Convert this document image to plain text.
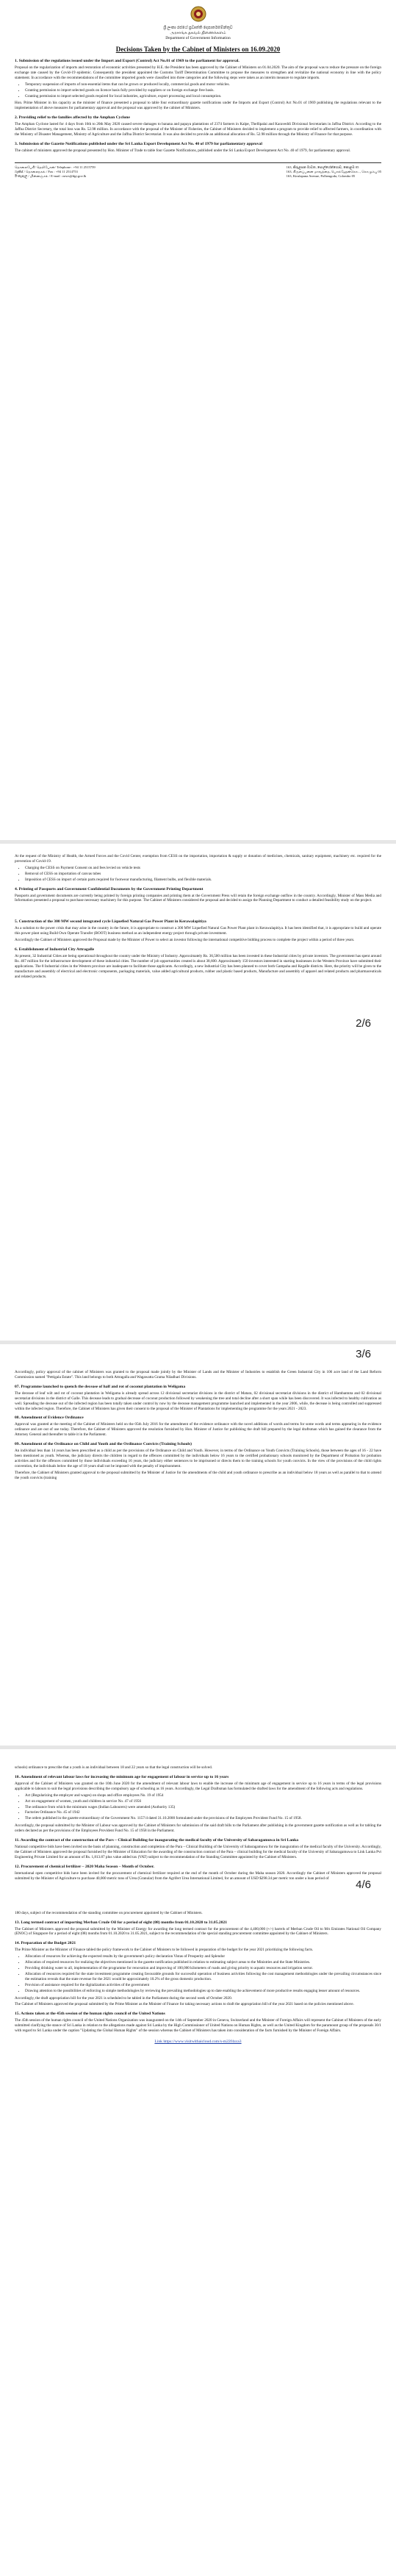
ශ්‍රී ලංකා රජයේ ප්‍රවෘත්ති දෙපාර්තමේන්තුව
அரசாங்க தகவல் திணைக்களம்
Department of Government Information
Decisions Taken by the Cabinet of Ministers on 16.09.2020
1. Submission of the regulations issued under the Import and Export (Control) Act No.01 of 1969 to the parliament for approval.

Proposal on the regularization of imports and restoration of economic activities presented by H.E. the President has been approved by the Cabinet of Ministers on 01.04.2020. The aim of the proposal was to reduce the pressure on the foreign exchange rate caused by the Covid-19 epidemic. Consequently the president appointed the Customs Tariff Determination Committee to propose the measures to strengthen and revitalize the national economy in line with the policy statement. In accordance with the recommendations of the committee imported goods were classified into three categories and the following steps were taken as an interim measure to regulate imports.

• Temporary suspension of imports of non-essential items that can be grown or produced locally, commercial goods and motor vehicles.
• Granting permission to import selected goods on licence basis fully provided by suppliers or on foreign exchange free basis.
• Granting permission to import selected goods required for local industries, agriculture, export processing and local consumption.

Hon. Prime Minister in his capacity as the minister of finance presented a proposal to table four extraordinary gazette notifications under the Imports and Export (Control) Act No.01 of 1969 publishing the regulations relevant to the implementation of above measures for parliamentary approval and the proposal was approved by the cabinet of Ministers.

2. Providing relief to the families affected by the Amphan Cyclone

The Amphan Cyclone lasted for 4 days from 16th to 20th May 2020 caused severe damages to banana and papaya plantations of 2374 farmers in Kalpe, Thellipalai and Karaveddi Divisional Secretariats in Jaffna District. According to the Jaffna District Secretary, the total loss was Rs. 52.98 million. In accordance with the proposal of the Minister of Fisheries, the Cabinet of Ministers decided to implement a program to provide relief to affected farmers, in coordination with the Ministry of Disaster Management, Ministry of Agriculture and the Jaffna District Secretariat. It was also decided to provide an additional allocation of Rs. 52.98 million through the Ministry of Finance for that purpose.

3. Submission of the Gazette Notifications published under the Sri Lanka Export Development Act No. 40 of 1979 for parliamentary approval

The cabinet of ministers approved the proposal presented by Hon. Minister of Trade to table four Gazette Notifications, published under the Sri Lanka Export Development Act No. 40 of 1979, for parliamentary approval.

தொலைபேசி/ தெலிபோன்/ Telephone : +94 11 2515759
ෆැක්ස් / தொலைநகல் / Fax : +94 11 2514753
ඊ-තැපෑල / மின்னஞ்சல் / E-mail : news@dgi.gov.lk
163, කිරුළපන මාවත, පොල්හේන්ගොඩ, කොළඹ 05
163, கிருளப்பனை மாவத்தை, பொல்ஹேன்கொட, கொழும்பு 05
163, Kirulapana Avenue, Polhengoda, Colombo 05

At the request of the Ministry of Health, the Armed Forces and the Covid Center, exemption from CESS on the importation, importation & supply or donation of medicines, chemicals, sanitary equipment, machinery etc. required for the prevention of Covid-19.

• Charging the CESS on Payment Consent on and fees levied on vehicle tests
• Removal of CESS on importation of canvas tubes
• Imposition of CESS on import of certain parts required for footwear manufacturing, filament bulbs, and flexible materials.
4. Printing of Passports and Government Confidential Documents by the Government Printing Department

Passports and government documents are currently being printed by foreign printing companies and printing them at the Government Press will retain the foreign exchange outflow in the country. Accordingly, Minister of Mass Media and Information presented a proposal to purchase necessary machinery for this purpose. The Cabinet of Ministers considered the proposal and decided to assign the Planning Department to conduct a detailed feasibility study on the project.

2/6
5. Construction of the 300 MW second integrated cycle Liquefied Natural Gas Power Plant in Kerawalapitiya

As a solution to the power crisis that may arise in the country in the future, it is appropriate to construct a 300 MW Liquefied Natural Gas Power Plant plant in Kerawalapitiya. It has been identified that, it is appropriate to build and operate this power plant using Build Own Operate Transfer (BOOT) business method as an independent energy project through private investment.

Accordingly the Cabinet of Ministers approved the Proposal made by the Minister of Power to select an investor following the international competitive bidding process to complete the project within a period of three years.

6. Establishment of Industrial City Attragalle

At present, 32 Industrial Cities are being operational throughout the country under the Ministry of Industry. Approximately Rs. 36,500 million has been invested in these Industrial cities by private investors. The government has spent around Rs. 467 million for the infrastructure development of these industrial cities. The number of job opportunities created is about 38,600. Approximately 150 investors interested in starting businesses in the Western Province have submitted their applications. The 8 Industrial cities in the Western province are inadequate to facilitate those applicants. Accordingly, a new Industrial City has been planned to cover both Gampaha and Kegalle districts. Here, the priority will be given to the manufacture and assembly of electrical and electronic components, packaging materials, value added agricultural products, rubber and plastic based products, Manufacture and assembly of apparel and related products and pharmaceuticals and related products.

3/6

Accordingly, policy approval of the cabinet of Ministers was granted to the proposal made jointly by the Minister of Lands and the Minister of Industries to establish the Green Industrial City in 106 acre land of the Land Reform Commission named "Pettigala Estate". This land belongs to both Attragalla and Wagawatta Grama Niladhari Divisions.

07. Programme launched to quench the decease of half and rot of coconut plantation in Weligama

The decease of leaf wilt and rot of coconut plantation in Weligama is already spread across 12 divisional secretariat divisions in the district of Matara, 02 divisional secretariat divisions in the district of Hambantota and 02 divisional secretariat divisions in the district of Galle. This decease leads to gradual decrease of coconut production followed by weakening the tree and total decline after a short span while has been discovered. It was infected to healthy cultivation as well. Spreading the decease out of the infected region has been totally taken under control by now by the decease management programme launched and implemented in the year 2006, while, the decease is being controlled and suppressed within the infected region. Therefore, the Cabinet of Ministers has given their consent to the proposal of the Minister of Plantations for implementing the programme for the years 2021 - 2023.

08. Amendment of Evidence Ordinance

Approval was granted at the meeting of the Cabinet of Ministers held on the 05th July 2016 for the amendment of the evidence ordinance with the novel additions of words and terms for some words and terms appearing in the evidence ordinance and are out of use today. Therefore, the Cabinet of Ministers approved the resolution furnished by Hon. Minister of Justice for publishing the draft bill prepared by the legal draftsman which has gained the clearance from the Attorney General and thereafter to table it in the Parliament.

09. Amendment of the Ordinance on Child and Youth and the Ordinance Convicts (Training Schools)

An individual less than 14 years has been prescribed as a child as per the provisions of the Ordinance on Child and Youth. However, in terms of the Ordinance on Youth Convicts (Training Schools), those between the ages of 16 - 22 have been mentioned as youth. Whereas, the judiciary directs the children in regard to the offences committed by the individuals below 16 years to the certified probationary schools monitored by the Department of Probation for probation activities and for the offences committed by those individuals exceeding 16 years, the judiciary either sentences to be imprisoned or directs them to the training schools for youth convicts. In the view of the provisions of the child rights convention, the individuals below the age of 18 years shall not be imposed with the penalty of imprisonment.

Therefore, the Cabinet of Ministers granted approval to the proposal submitted by the Minister of Justice for the amendments of the child and youth ordinance to prescribe as an individual below 18 years as well as parallel to that to amend the youth convicts (training

schools) ordinance to prescribe that a youth is an individual between 18 and 22 years so that the legal construction will be solved.

10. Amendment of relevant labour laws for increasing the minimum age for engagement of labour in service up to 16 years

Approval of the Cabinet of Ministers was granted on the 10th June 2020 for the amendment of relevant labour laws to enable the increase of the minimum age of engagement in service up to 16 years in terms of the legal provisions applicable to labours to suit the legal provisions describing the compulsory age of schooling as 16 years. Accordingly, the Legal Draftsman has formulated the drafted laws for the amendment of the following acts and regulations.

• Act (Regularizing the employer and wages) on shops and office employees No. 19 of 1954
• Act on engagement of women, youth and children in service No. 47 of 1956
• The ordinance from which the minimum wages (Indian Labourers) were amended (Authority 135)
• Factories Ordinance No. 45 of 1942
• The orders published in the gazette extraordinary of the Government No. 1157/4 dated 31.10.2000 formulated under the provisions of the Employees Provident Fund No. 15 of 1958.

Accordingly, the proposal submitted by the Minister of Labour was approved by the Cabinet of Ministers for submission of the said draft bills to the Parliament after publishing in the government gazette notification as well as for tabling the orders declared as per the provisions of the Employees Provident Fund No. 15 of 1958 in the Parliament.

4/6
11. Awarding the contract of the construction of the Pars – Clinical Building for inaugurating the medical faculty of the University of Sabaragamuwa in Sri Lanka

National competitive bids have been invited on the basis of planning, construction and completion of the Para – Clinical Building of the University of Sabaragamuwa for the inauguration of the medical faculty of the University. Accordingly, the Cabinet of Ministers approved the proposal furnished by the Minister of Education for the awarding of the construction contract of the Para – clinical building for the medical faculty of the University of Sabaragamuwa to Link Lanka Pvt Engineering Private Limited for an amount of Rs. 1,813.87 plus value added tax (VAT) subject to the recommendation of the Standing Committee appointed by the Cabinet of Ministers.

12. Procurement of chemical fertilizer – 2020 Maha Season – Month of October.

International open competitive bids have been invited for the procurement of chemical fertilizer required at the end of the month of October during the Maha season 2020. Accordingly the Cabinet of Ministers approved the proposal submitted by the Minister of Agriculture to purchase 40,000 metric tons of Urea (Granular) from the Agrifert Urea International Limited, for an amount of USD $298.34 per metric ton under a loan period of

180 days, subject of the recommendation of the standing committee on procurement appointed by the Cabinet of Ministers.

13. Long termed contract of importing Merban Crude Oil for a period of eight (08) months from 01.10.2020 to 31.05.2021

The Cabinet of Ministers approved the proposal submitted by the Minister of Energy for awarding the long termed contract for the procurement of the 4,400,000 (+/-) barrels of Merban Crude Oil to M/s Emirates National Oil Company (ENOC) of Singapore for a period of eight (08) months from 01.10.2020 to 31.05.2021, subject to the recommendation of the special standing procurement committee appointed by the Cabinet of Ministers.

14. Preparation of the Budget 2021

The Prime Minister as the Minister of Finance tabled the policy framework to the Cabinet of Ministers to be followed in preparation of the budget for the year 2021 prioritizing the following facts.

• Allocation of resources for achieving the expected results by the government's policy declaration Vistas of Prosperity and Splendor
• Allocation of required resources for realizing the objectives mentioned in the gazette notification published in relation to estimating subject areas to the Ministries and the State Ministries.
• Providing drinking water to all, implementation of the programme for renovation and improving of 100,000 kilometers of roads and giving priority to aquatic resources and irrigation sector.
• Allocation of resources required for the state investment programme creating favourable grounds for successful operation of business activities following the cost management methodologies under the prevailing circumstances since the estimation reveals that the state revenue for the 2021 would be approximately 10.2% of the gross domestic production.
• Provision of assistance required for the digitalization activities of the government
• Drawing attention to the possibilities of enforcing to simple methodologies by reviewing the prevailing methodologies up to date enabling the achievement of more productive results engaging lesser amount of resources.

Accordingly, the draft appropriation bill for the year 2021 is scheduled to be tabled in the Parliament during the second week of October 2020.

The Cabinet of Ministers approved the proposal submitted by the Prime Minister as the Minister of Finance for taking necessary actions to draft the appropriation bill of the year 2021 based on the policies mentioned above.

15. Actions taken at the 45th session of the human rights council of the United Nations

The 45th session of the human rights council of the United Nations Organization was inaugurated on the 14th of September 2020 in Geneva, Switzerland and the Minister of Foreign Affairs will represent the Cabinet of Ministers of the early submitted clarifying the stance of Sri Lanka in relation to the allegations made against Sri Lanka by the High Commissioner of United Nations on Human Rights, as well as the United Kingdom for the paramount group of the proposals 30/1 with regard to Sri Lanka under the caption "Updating the Global Human Rights" of the session whereas the Cabinet of Ministers has taken into consideration of the facts furnished by the Minister of Foreign Affairs.

Link https://www.visitwithaicloud.com/s-m22f4zca3
